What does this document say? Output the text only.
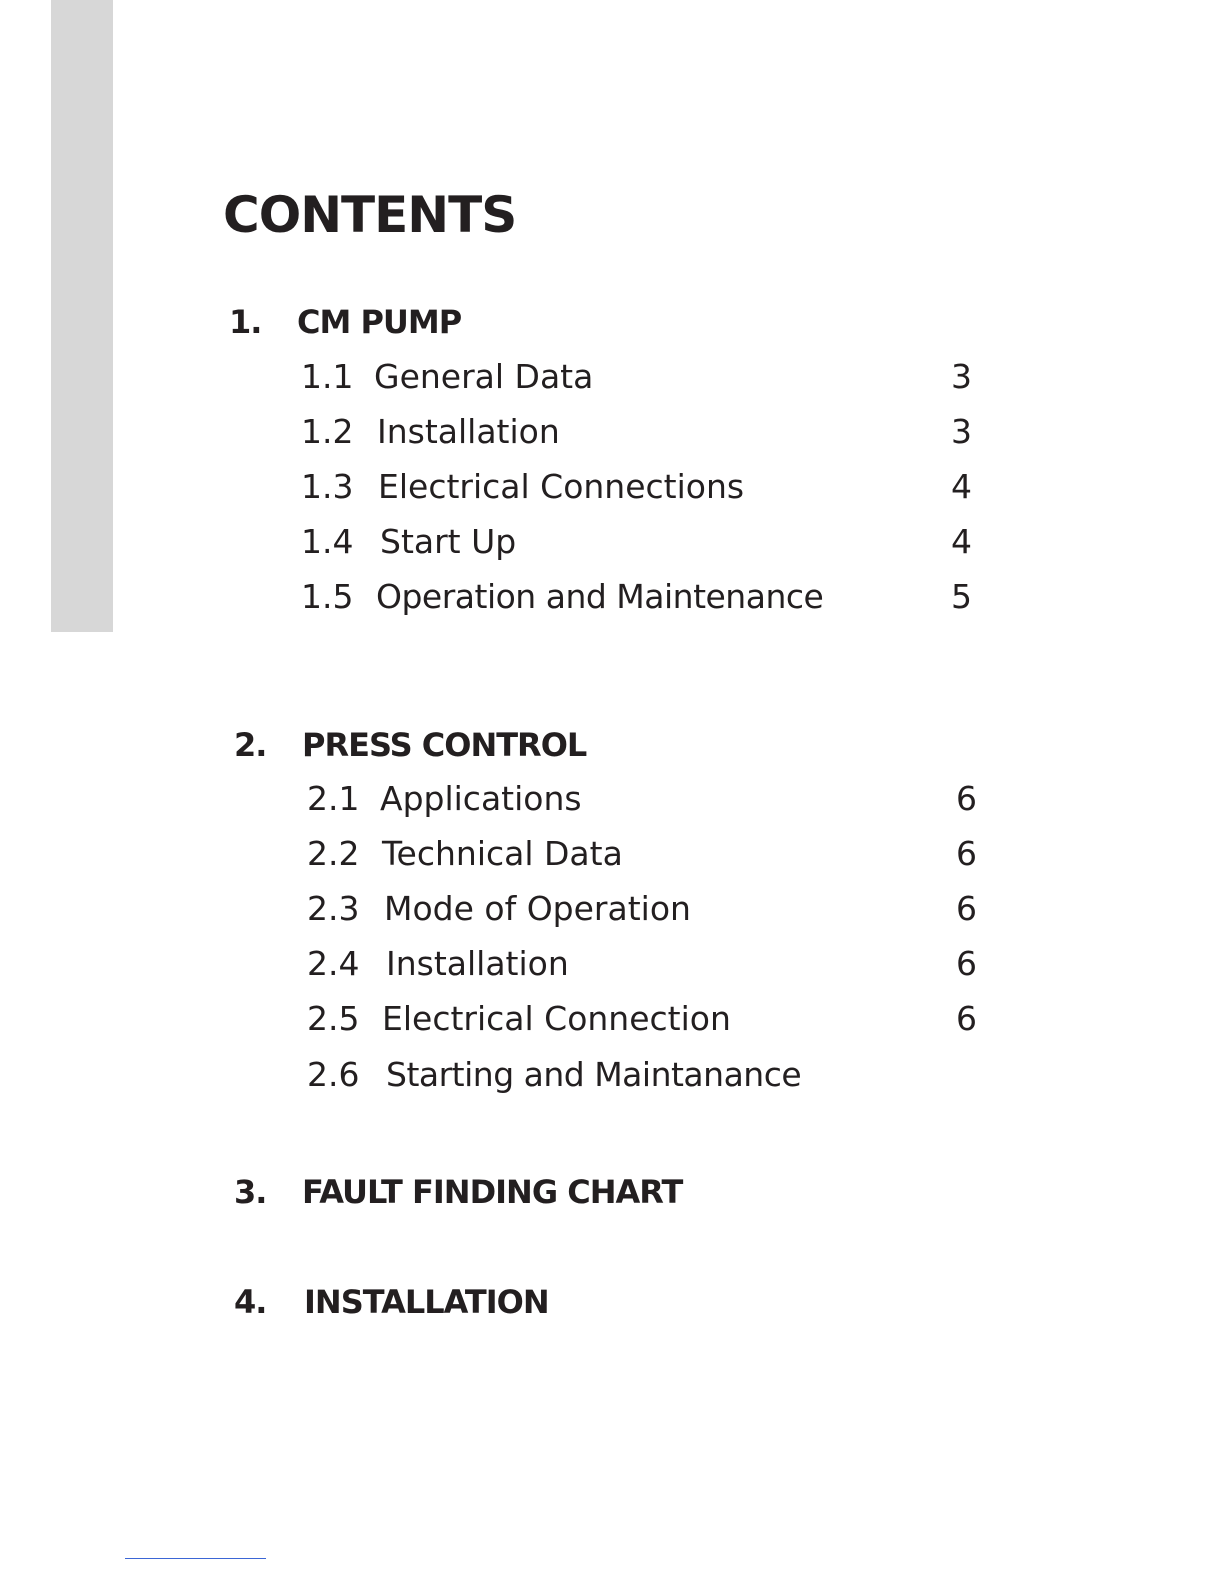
CONTENTS
1. CM PUMP
1.1 General Data	3
1.2 Installation	3
1.3 Electrical Connections	4
1.4 Start Up	4
1.5 Operation and Maintenance	5
2. PRESS CONTROL
2.1 Applications	6
2.2 Technical Data	6
2.3 Mode of Operation	6
2.4 Installation	6
2.5 Electrical Connection	6
2.6 Starting and Maintanance
3. FAULT FINDING CHART
4. INSTALLATION
